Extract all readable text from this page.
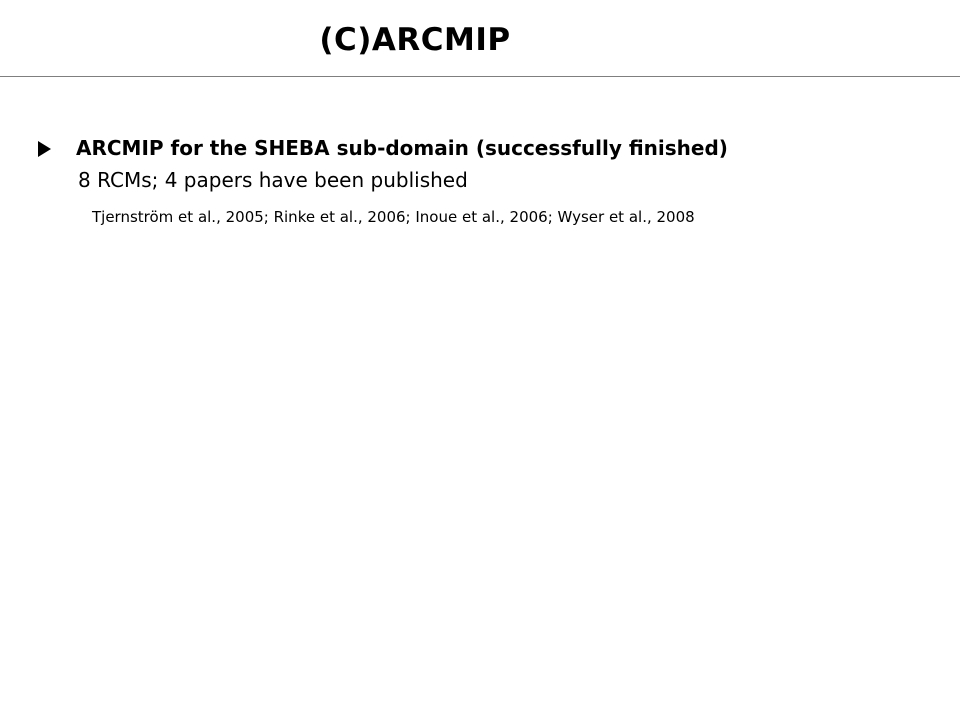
(C)ARCMIP
ARCMIP for the SHEBA sub-domain (successfully finished)
8 RCMs; 4 papers have been published
Tjernström et al., 2005; Rinke et al., 2006; Inoue et al., 2006; Wyser et al., 2008
